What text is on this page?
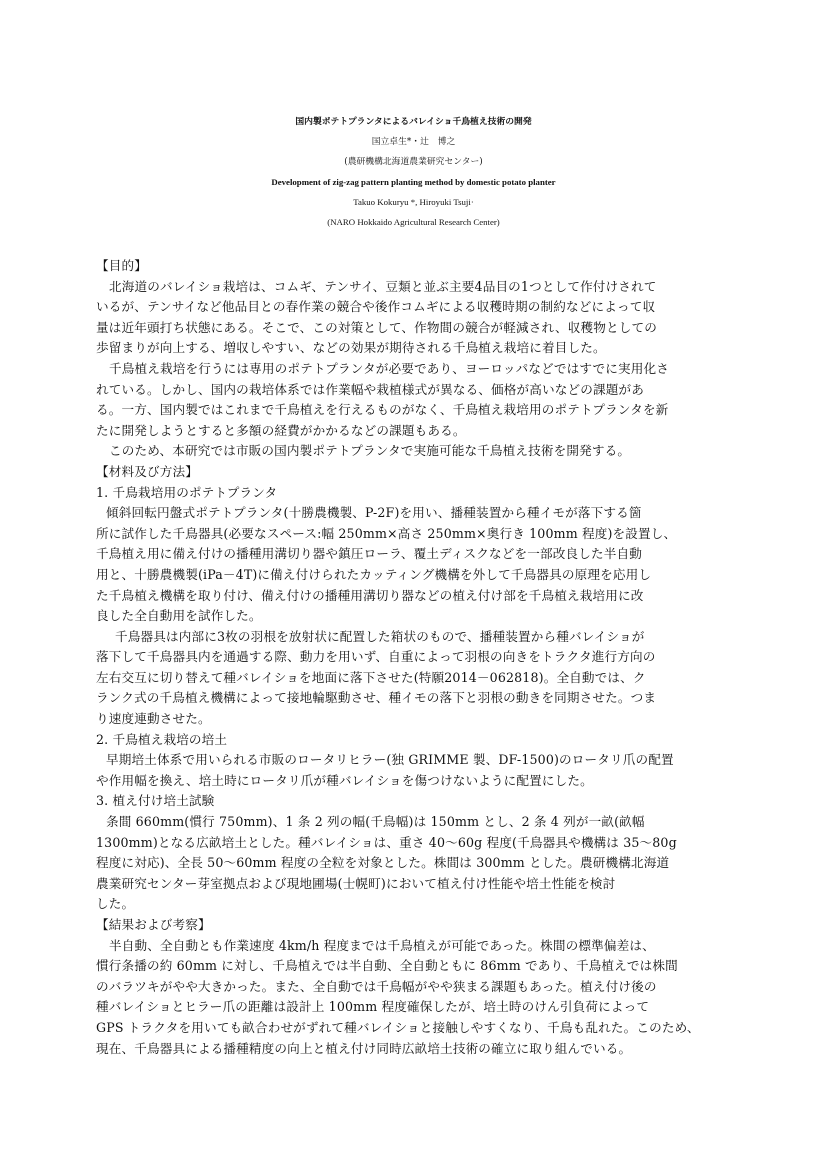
国内製ポテトプランタによるバレイショ千鳥植え技術の開発
国立卓生*・辻　博之
(農研機構北海道農業研究センター)
Development of zig-zag pattern planting method by domestic potato planter
Takuo Kokuryu *, Hiroyuki Tsuji·
(NARO Hokkaido Agricultural Research Center)
【目的】
北海道のバレイショ栽培は、コムギ、テンサイ、豆類と並ぶ主要4品目の1つとして作付けされて
いるが、テンサイなど他品目との春作業の競合や後作コムギによる収穫時期の制約などによって収
量は近年頭打ち状態にある。そこで、この対策として、作物間の競合が軽減され、収穫物としての
歩留まりが向上する、増収しやすい、などの効果が期待される千鳥植え栽培に着目した。
千鳥植え栽培を行うには専用のポテトプランタが必要であり、ヨーロッパなどではすでに実用化さ
れている。しかし、国内の栽培体系では作業幅や栽植様式が異なる、価格が高いなどの課題があ
る。一方、国内製ではこれまで千鳥植えを行えるものがなく、千鳥植え栽培用のポテトプランタを新
たに開発しようとすると多額の経費がかかるなどの課題もある。
このため、本研究では市販の国内製ポテトプランタで実施可能な千鳥植え技術を開発する。
【材料及び方法】
1. 千鳥栽培用のポテトプランタ
傾斜回転円盤式ポテトプランタ(十勝農機製、P-2F)を用い、播種装置から種イモが落下する箇
所に試作した千鳥器具(必要なスペース:幅 250mm×高さ 250mm×奥行き 100mm 程度)を設置し、
千鳥植え用に備え付けの播種用溝切り器や鎮圧ローラ、覆土ディスクなどを一部改良した半自動
用と、十勝農機製(iPa－4T)に備え付けられたカッティング機構を外して千鳥器具の原理を応用し
た千鳥植え機構を取り付け、備え付けの播種用溝切り器などの植え付け部を千鳥植え栽培用に改
良した全自動用を試作した。
千鳥器具は内部に3枚の羽根を放射状に配置した箱状のもので、播種装置から種バレイショが
落下して千鳥器具内を通過する際、動力を用いず、自重によって羽根の向きをトラクタ進行方向の
左右交互に切り替えて種バレイショを地面に落下させた(特願2014－062818)。全自動では、ク
ランク式の千鳥植え機構によって接地輪駆動させ、種イモの落下と羽根の動きを同期させた。つま
り速度連動させた。
2. 千鳥植え栽培の培土
早期培土体系で用いられる市販のロータリヒラー(独 GRIMME 製、DF-1500)のロータリ爪の配置
や作用幅を換え、培土時にロータリ爪が種バレイショを傷つけないように配置にした。
3. 植え付け培土試験
条間 660mm(慣行 750mm)、1 条 2 列の幅(千鳥幅)は 150mm とし、2 条 4 列が一畝(畝幅
1300mm)となる広畝培土とした。種バレイショは、重さ 40～60g 程度(千鳥器具や機構は 35～80g
程度に対応)、全長 50～60mm 程度の全粒を対象とした。株間は 300mm とした。農研機構北海道
農業研究センター芽室拠点および現地圃場(士幌町)において植え付け性能や培土性能を検討
した。
【結果および考察】
半自動、全自動とも作業速度 4km/h 程度までは千鳥植えが可能であった。株間の標準偏差は、
慣行条播の約 60mm に対し、千鳥植えでは半自動、全自動ともに 86mm であり、千鳥植えでは株間
のバラツキがやや大きかった。また、全自動では千鳥幅がやや狭まる課題もあった。植え付け後の
種バレイショとヒラー爪の距離は設計上 100mm 程度確保したが、培土時のけん引負荷によって
GPS トラクタを用いても畝合わせがずれて種バレイショと接触しやすくなり、千鳥も乱れた。このため、
現在、千鳥器具による播種精度の向上と植え付け同時広畝培土技術の確立に取り組んでいる。
